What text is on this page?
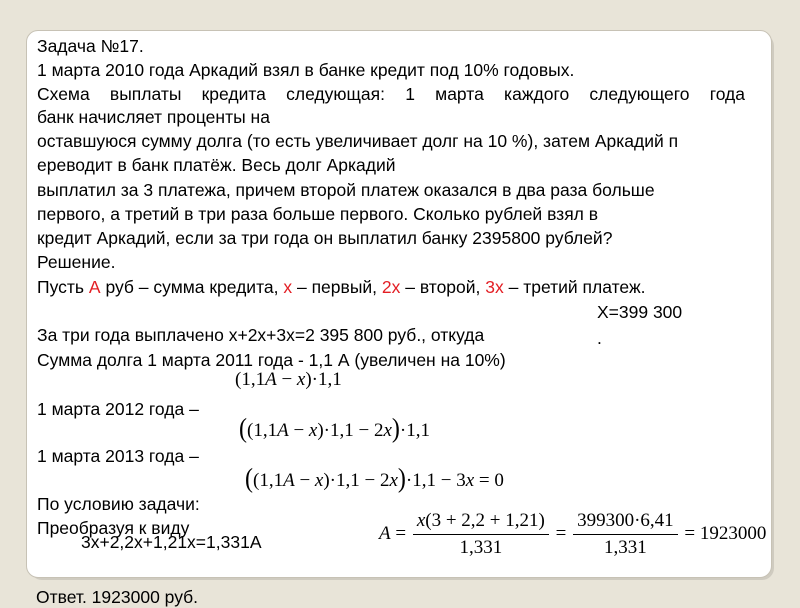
Задача №17.
1 марта 2010 года Аркадий взял в банке кредит под 10% годовых.
Схема выплаты кредита следующая: 1 марта каждого следующего года
банк начисляет проценты на
оставшуюся сумму долга (то есть увеличивает долг на 10 %), затем Аркадий п
ереводит в банк платёж. Весь долг Аркадий
выплатил за 3 платежа, причем второй платеж оказался в два раза больше
первого, а третий в три раза больше первого. Сколько рублей взял в
кредит Аркадий, если за три года он выплатил банку 2395800 рублей?
Решение.
Пусть А руб – сумма кредита, х – первый, 2х – второй, 3х – третий платеж.
Х=399 300
За три года выплачено х+2х+3х=2 395 800 руб., откуда	.
Сумма долга 1 марта 2011 года - 1,1 А (увеличен на 10%)
(1,1A − x)·1,1
1 марта 2012 года –
((1,1A − x)·1,1 − 2x)·1,1
1 марта 2013 года –
((1,1A − x)·1,1 − 2x)·1,1 − 3x = 0
По условию задачи:
Преобразуя к виду
3х+2,2х+1,21х=1,331А	$A = \frac{x(3 + 2,2 + 1,21)}{1,331} = \frac{399300\cdot 6,41}{1,331} = 1923000$
Ответ. 1923000 руб.
